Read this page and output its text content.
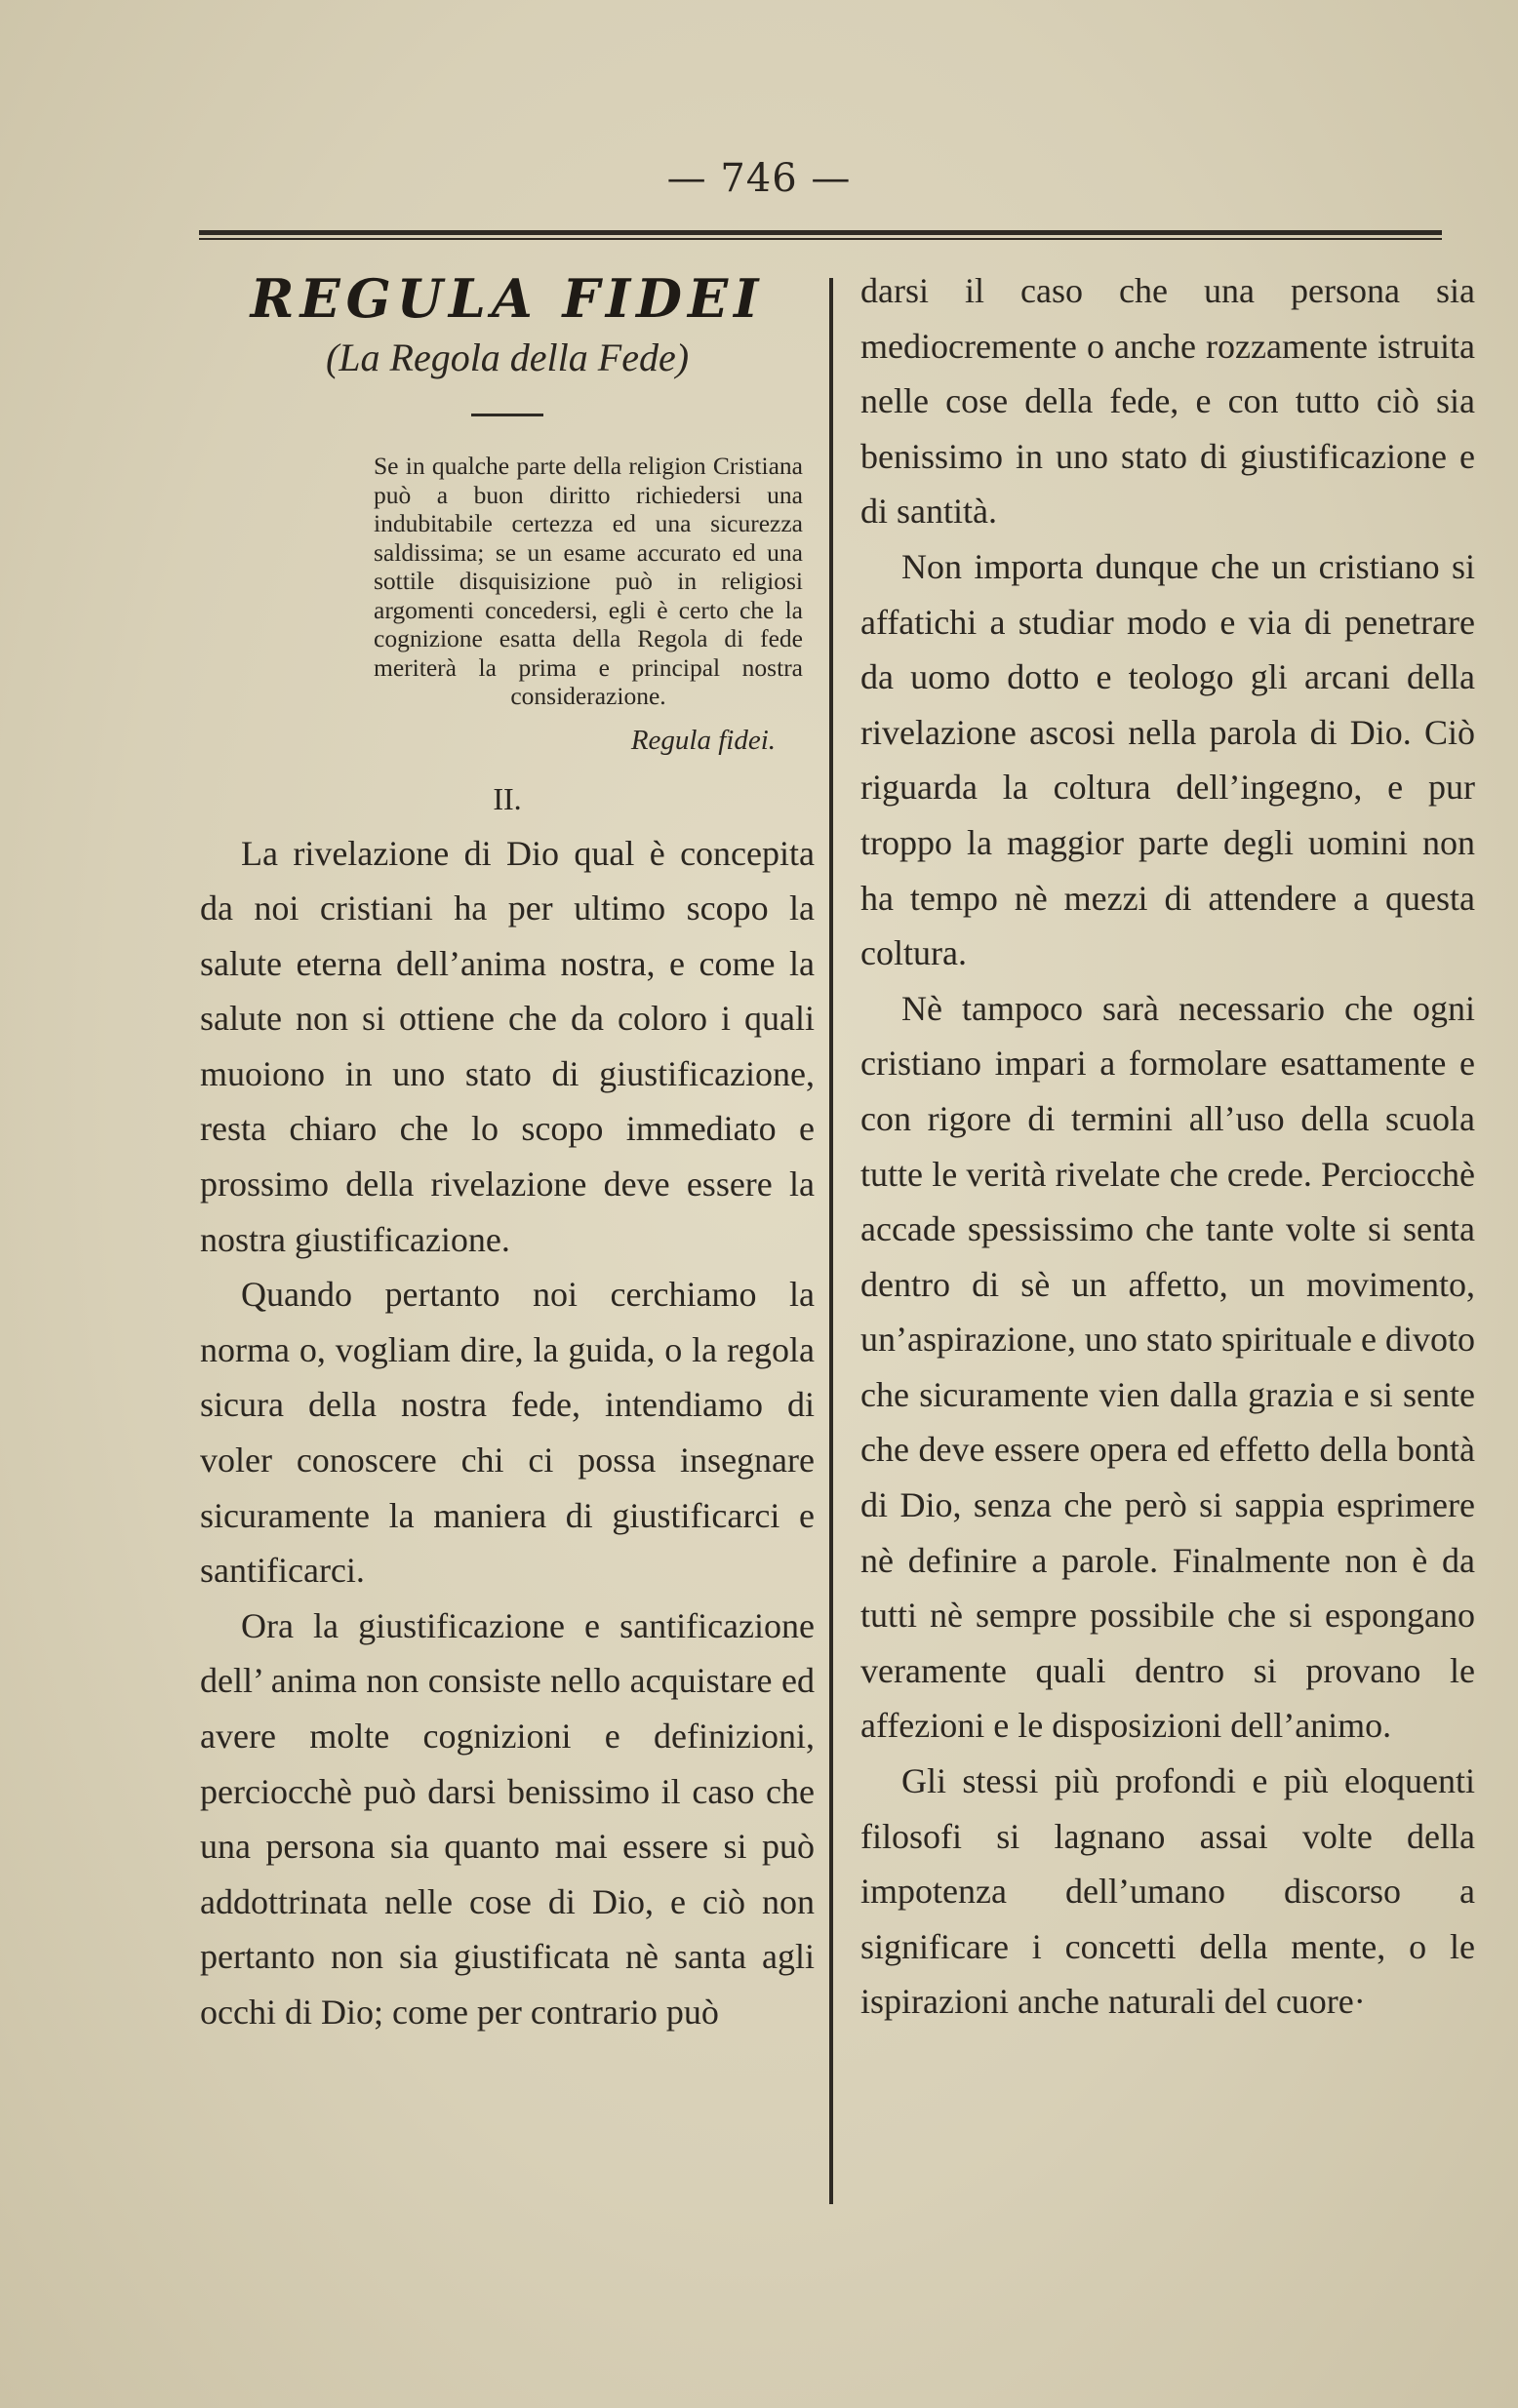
— 746 —
REGULA FIDEI
(La Regola della Fede)

Se in qualche parte della religion Cristiana può a buon diritto richiedersi una indubitabile certezza ed una sicurezza saldissima; se un esame accurato ed una sottile disquisizione può in religiosi argomenti concedersi, egli è certo che la cognizione esatta della Regola di fede meriterà la prima e principal nostra considerazione.

Regula fidei.
II.

La rivelazione di Dio qual è concepita da noi cristiani ha per ultimo scopo la salute eterna dell’anima nostra, e come la salute non si ottiene che da coloro i quali muoiono in uno stato di giustificazione, resta chiaro che lo scopo immediato e prossimo della rivelazione deve essere la nostra giustificazione.

Quando pertanto noi cerchiamo la norma o, vogliam dire, la guida, o la regola sicura della nostra fede, intendiamo di voler conoscere chi ci possa insegnare sicuramente la maniera di giustificarci e santificarci.

Ora la giustificazione e santificazione dell’ anima non consiste nello acquistare ed avere molte cognizioni e definizioni, perciocchè può darsi benissimo il caso che una persona sia quanto mai essere si può addottrinata nelle cose di Dio, e ciò non pertanto non sia giustificata nè santa agli occhi di Dio; come per contrario può

darsi il caso che una persona sia mediocremente o anche rozzamente istruita nelle cose della fede, e con tutto ciò sia benissimo in uno stato di giustificazione e di santità.

Non importa dunque che un cristiano si affatichi a studiar modo e via di penetrare da uomo dotto e teologo gli arcani della rivelazione ascosi nella parola di Dio. Ciò riguarda la coltura dell’ingegno, e pur troppo la maggior parte degli uomini non ha tempo nè mezzi di attendere a questa coltura.

Nè tampoco sarà necessario che ogni cristiano impari a formolare esattamente e con rigore di termini all’uso della scuola tutte le verità rivelate che crede. Perciocchè accade spessissimo che tante volte si senta dentro di sè un affetto, un movimento, un’aspirazione, uno stato spirituale e divoto che sicuramente vien dalla grazia e si sente che deve essere opera ed effetto della bontà di Dio, senza che però si sappia esprimere nè definire a parole. Finalmente non è da tutti nè sempre possibile che si espongano veramente quali dentro si provano le affezioni e le disposizioni dell’animo.

Gli stessi più profondi e più eloquenti filosofi si lagnano assai volte della impotenza dell’umano discorso a significare i concetti della mente, o le ispirazioni anche naturali del cuore·
